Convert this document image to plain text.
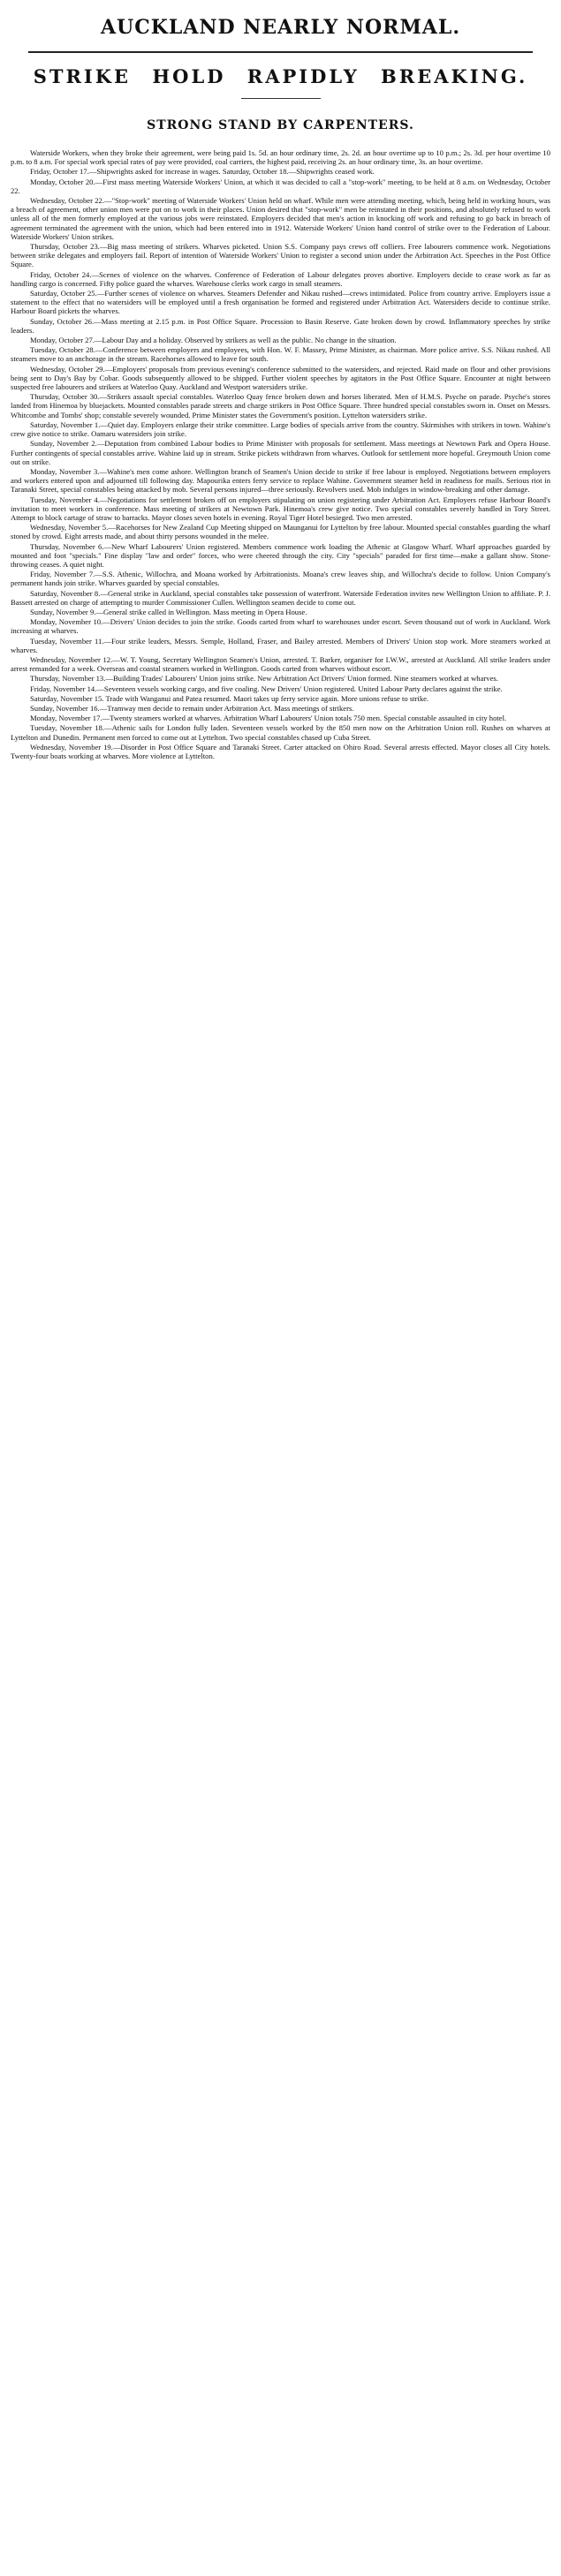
AUCKLAND NEARLY NORMAL.
STRIKE HOLD RAPIDLY BREAKING.
STRONG STAND BY CARPENTERS.

Waterside Workers, when they broke their agreement, were being paid 1s. 5d. an hour ordinary time, 2s. 2d. an hour overtime up to 10 p.m.; 2s. 3d. per hour overtime 10 p.m. to 8 a.m. For special work special rates of pay were provided, coal carriers, the highest paid, receiving 2s. an hour ordinary time, 3s. an hour overtime.

Friday, October 17.—Shipwrights asked for increase in wages. Saturday, October 18.—Shipwrights ceased work.

Monday, October 20.—First mass meeting Waterside Workers' Union, at which it was decided to call a "stop-work" meeting, to be held at 8 a.m. on Wednesday, October 22.

Wednesday, October 22.—"Stop-work" meeting of Waterside Workers' Union held on wharf. While men were attending meeting, which, being held in working hours, was a breach of agreement, other union men were put on to work in their places. Union desired that "stop-work" men be reinstated in their positions, and absolutely refused to work unless all of the men formerly employed at the various jobs were reinstated. Employers decided that men's action in knocking off work and refusing to go back in breach of agreement terminated the agreement with the union, which had been entered into in 1912. Waterside Workers' Union hand control of strike over to the Federation of Labour. Waterside Workers' Union strikes.

Thursday, October 23.—Big mass meeting of strikers. Wharves picketed. Union S.S. Company pays crews off colliers. Free labourers commence work. Negotiations between strike delegates and employers fail. Report of intention of Waterside Workers' Union to register a second union under the Arbitration Act. Speeches in the Post Office Square.

Friday, October 24.—Scenes of violence on the wharves. Conference of Federation of Labour delegates proves abortive. Employers decide to cease work as far as handling cargo is concerned. Fifty police guard the wharves. Warehouse clerks work cargo in small steamers.

Saturday, October 25.—Further scenes of violence on wharves. Steamers Defender and Nikau rushed—crews intimidated. Police from country arrive. Employers issue a statement to the effect that no watersiders will be employed until a fresh organisation be formed and registered under Arbitration Act. Watersiders decide to continue strike. Harbour Board pickets the wharves.

Sunday, October 26.—Mass meeting at 2.15 p.m. in Post Office Square. Procession to Basin Reserve. Gate broken down by crowd. Inflammatory speeches by strike leaders.

Monday, October 27.—Labour Day and a holiday. Observed by strikers as well as the public. No change in the situation.

Tuesday, October 28.—Conference between employers and employees, with Hon. W. F. Massey, Prime Minister, as chairman. More police arrive. S.S. Nikau rushed. All steamers move to an anchorage in the stream. Racehorses allowed to leave for south.

Wednesday, October 29.—Employers' proposals from previous evening's conference submitted to the watersiders, and rejected. Raid made on flour and other provisions being sent to Day's Bay by Cobar. Goods subsequently allowed to be shipped. Further violent speeches by agitators in the Post Office Square. Encounter at night between suspected free labourers and strikers at Waterloo Quay. Auckland and Westport watersiders strike.

Thursday, October 30.—Strikers assault special constables. Waterloo Quay fence broken down and horses liberated. Men of H.M.S. Psyche on parade. Psyche's stores landed from Hinemoa by bluejackets. Mounted constables parade streets and charge strikers in Post Office Square. Three hundred special constables sworn in. Onset on Messrs. Whitcombe and Tombs' shop; constable severely wounded. Prime Minister states the Government's position. Lyttelton watersiders strike.

Saturday, November 1.—Quiet day. Employers enlarge their strike committee. Large bodies of specials arrive from the country. Skirmishes with strikers in town. Wahine's crew give notice to strike. Oamaru watersiders join strike.

Sunday, November 2.—Deputation from combined Labour bodies to Prime Minister with proposals for settlement. Mass meetings at Newtown Park and Opera House. Further contingents of special constables arrive. Wahine laid up in stream. Strike pickets withdrawn from wharves. Outlook for settlement more hopeful. Greymouth Union come out on strike.

Monday, November 3.—Wahine's men come ashore. Wellington branch of Seamen's Union decide to strike if free labour is employed. Negotiations between employers and workers entered upon and adjourned till following day. Mapourika enters ferry service to replace Wahine. Government steamer held in readiness for mails. Serious riot in Taranaki Street, special constables being attacked by mob. Several persons injured—three seriously. Revolvers used. Mob indulges in window-breaking and other damage.

Tuesday, November 4.—Negotiations for settlement broken off on employers stipulating on union registering under Arbitration Act. Employers refuse Harbour Board's invitation to meet workers in conference. Mass meeting of strikers at Newtown Park. Hinemoa's crew give notice. Two special constables severely handled in Tory Street. Attempt to block cartage of straw to barracks. Mayor closes seven hotels in evening. Royal Tiger Hotel besieged. Two men arrested.

Wednesday, November 5.—Racehorses for New Zealand Cup Meeting shipped on Maunganui for Lyttelton by free labour. Mounted special constables guarding the wharf stoned by crowd. Eight arrests made, and about thirty persons wounded in the melee.

Thursday, November 6.—New Wharf Labourers' Union registered. Members commence work loading the Athenic at Glasgow Wharf. Wharf approaches guarded by mounted and foot "specials." Fine display "law and order" forces, who were cheered through the city. City "specials" paraded for first time—make a gallant show. Stone-throwing ceases. A quiet night.

Friday, November 7.—S.S. Athenic, Willochra, and Moana worked by Arbitrationists. Moana's crew leaves ship, and Willochra's decide to follow. Union Company's permanent hands join strike. Wharves guarded by special constables.

Saturday, November 8.—General strike in Auckland, special constables take possession of waterfront. Waterside Federation invites new Wellington Union to affiliate. P. J. Bassett arrested on charge of attempting to murder Commissioner Cullen. Wellington seamen decide to come out.

Sunday, November 9.—General strike called in Wellington. Mass meeting in Opera House.

Monday, November 10.—Drivers' Union decides to join the strike. Goods carted from wharf to warehouses under escort. Seven thousand out of work in Auckland. Work increasing at wharves.

Tuesday, November 11.—Four strike leaders, Messrs. Semple, Holland, Fraser, and Bailey arrested. Members of Drivers' Union stop work. More steamers worked at wharves.

Wednesday, November 12.—W. T. Young, Secretary Wellington Seamen's Union, arrested. T. Barker, organiser for I.W.W., arrested at Auckland. All strike leaders under arrest remanded for a week. Overseas and coastal steamers worked in Wellington. Goods carted from wharves without escort.

Thursday, November 13.—Building Trades' Labourers' Union joins strike. New Arbitration Act Drivers' Union formed. Nine steamers worked at wharves.

Friday, November 14.—Seventeen vessels working cargo, and five coaling. New Drivers' Union registered. United Labour Party declares against the strike.

Saturday, November 15. Trade with Wanganui and Patea resumed. Maori takes up ferry service again. More unions refuse to strike.

Sunday, November 16.—Tramway men decide to remain under Arbitration Act. Mass meetings of strikers.

Monday, November 17.—Twenty steamers worked at wharves. Arbitration Wharf Labourers' Union totals 750 men. Special constable assaulted in city hotel.

Tuesday, November 18.—Athenic sails for London fully laden. Seventeen vessels worked by the 850 men now on the Arbitration Union roll. Rushes on wharves at Lyttelton and Dunedin. Permanent men forced to come out at Lyttelton. Two special constables chased up Cuba Street.

Wednesday, November 19.—Disorder in Post Office Square and Taranaki Street. Carter attacked on Ohiro Road. Several arrests effected. Mayor closes all City hotels. Twenty-four boats working at wharves. More violence at Lyttelton.
